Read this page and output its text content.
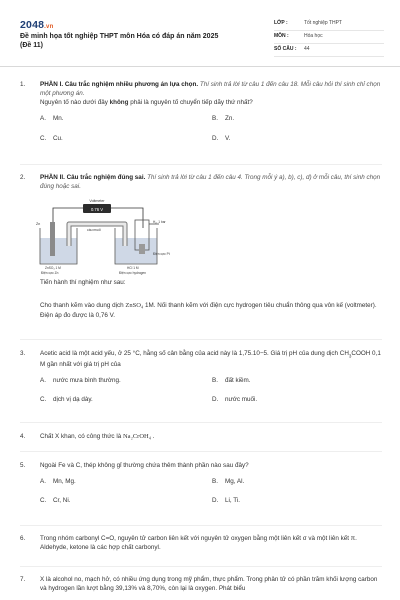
2048.vn
Đề minh họa tốt nghiệp THPT môn Hóa có đáp án năm 2025 (Đề 11)
LỚP :	Tốt nghiệp THPT
MÔN :	Hóa học
SỐ CÂU :	44
1.	PHẦN I. Câu trắc nghiệm nhiều phương án lựa chọn. Thí sinh trả lời từ câu 1 đến câu 18. Mỗi câu hỏi thí sinh chỉ chọn một phương án.
Nguyên tố nào dưới đây không phải là nguyên tố chuyển tiếp dãy thứ nhất?
A.	Mn.	B.	Zn.
C.	Cu.	D.	V.
2.	PHẦN II. Câu trắc nghiệm đúng sai. Thí sinh trả lời từ câu 1 đến câu 4. Trong mỗi ý a), b), c), d) ở mỗi câu, thí sinh chọn đúng hoặc sai.
0.76 V
Voltmeter
Zn
cầu muối
H₂, 1 bar
Điện cực Pt
ZnSO₄ 1 M
Điện cực Zn
HCl 1 M
Điện cực hydrogen
Tiến hành thí nghiệm như sau:
Cho thanh kẽm vào dung dịch ZnSO₄ 1M. Nối thanh kẽm với điện cực hydrogen tiêu chuẩn thông qua vôn kế (voltmeter). Điện áp đo được là 0,76 V.
3.	Acetic acid là một acid yếu, ở 25 °C, hằng số cân bằng của acid này là 1,75.10−5. Giá trị pH của dung dịch $CH_3COOH$ 0,1 M gần nhất với giá trị pH của
A.	nước mưa bình thường.	B.	đất kiềm.
C.	dịch vị dạ dày.	D.	nước muối.
4.	Chất X khan, có công thức là Na₂CrOH₄ .
5.	Ngoài Fe và C, thép không gỉ thường chứa thêm thành phần nào sau đây?
A.	Mn, Mg.	B.	Mg, Al.
C.	Cr, Ni.	D.	Li, Ti.
6.	Trong nhóm carbonyl C=O, nguyên tử carbon liên kết với nguyên tử oxygen bằng một liên kết σ và một liên kết π. Aldehyde, ketone là các hợp chất carbonyl.
7.	X là alcohol no, mạch hở, có nhiều ứng dụng trong mỹ phẩm, thực phẩm. Trong phân tử có phần trăm khối lượng carbon và hydrogen lần lượt bằng 39,13% và 8,70%, còn lại là oxygen. Phát biểu
